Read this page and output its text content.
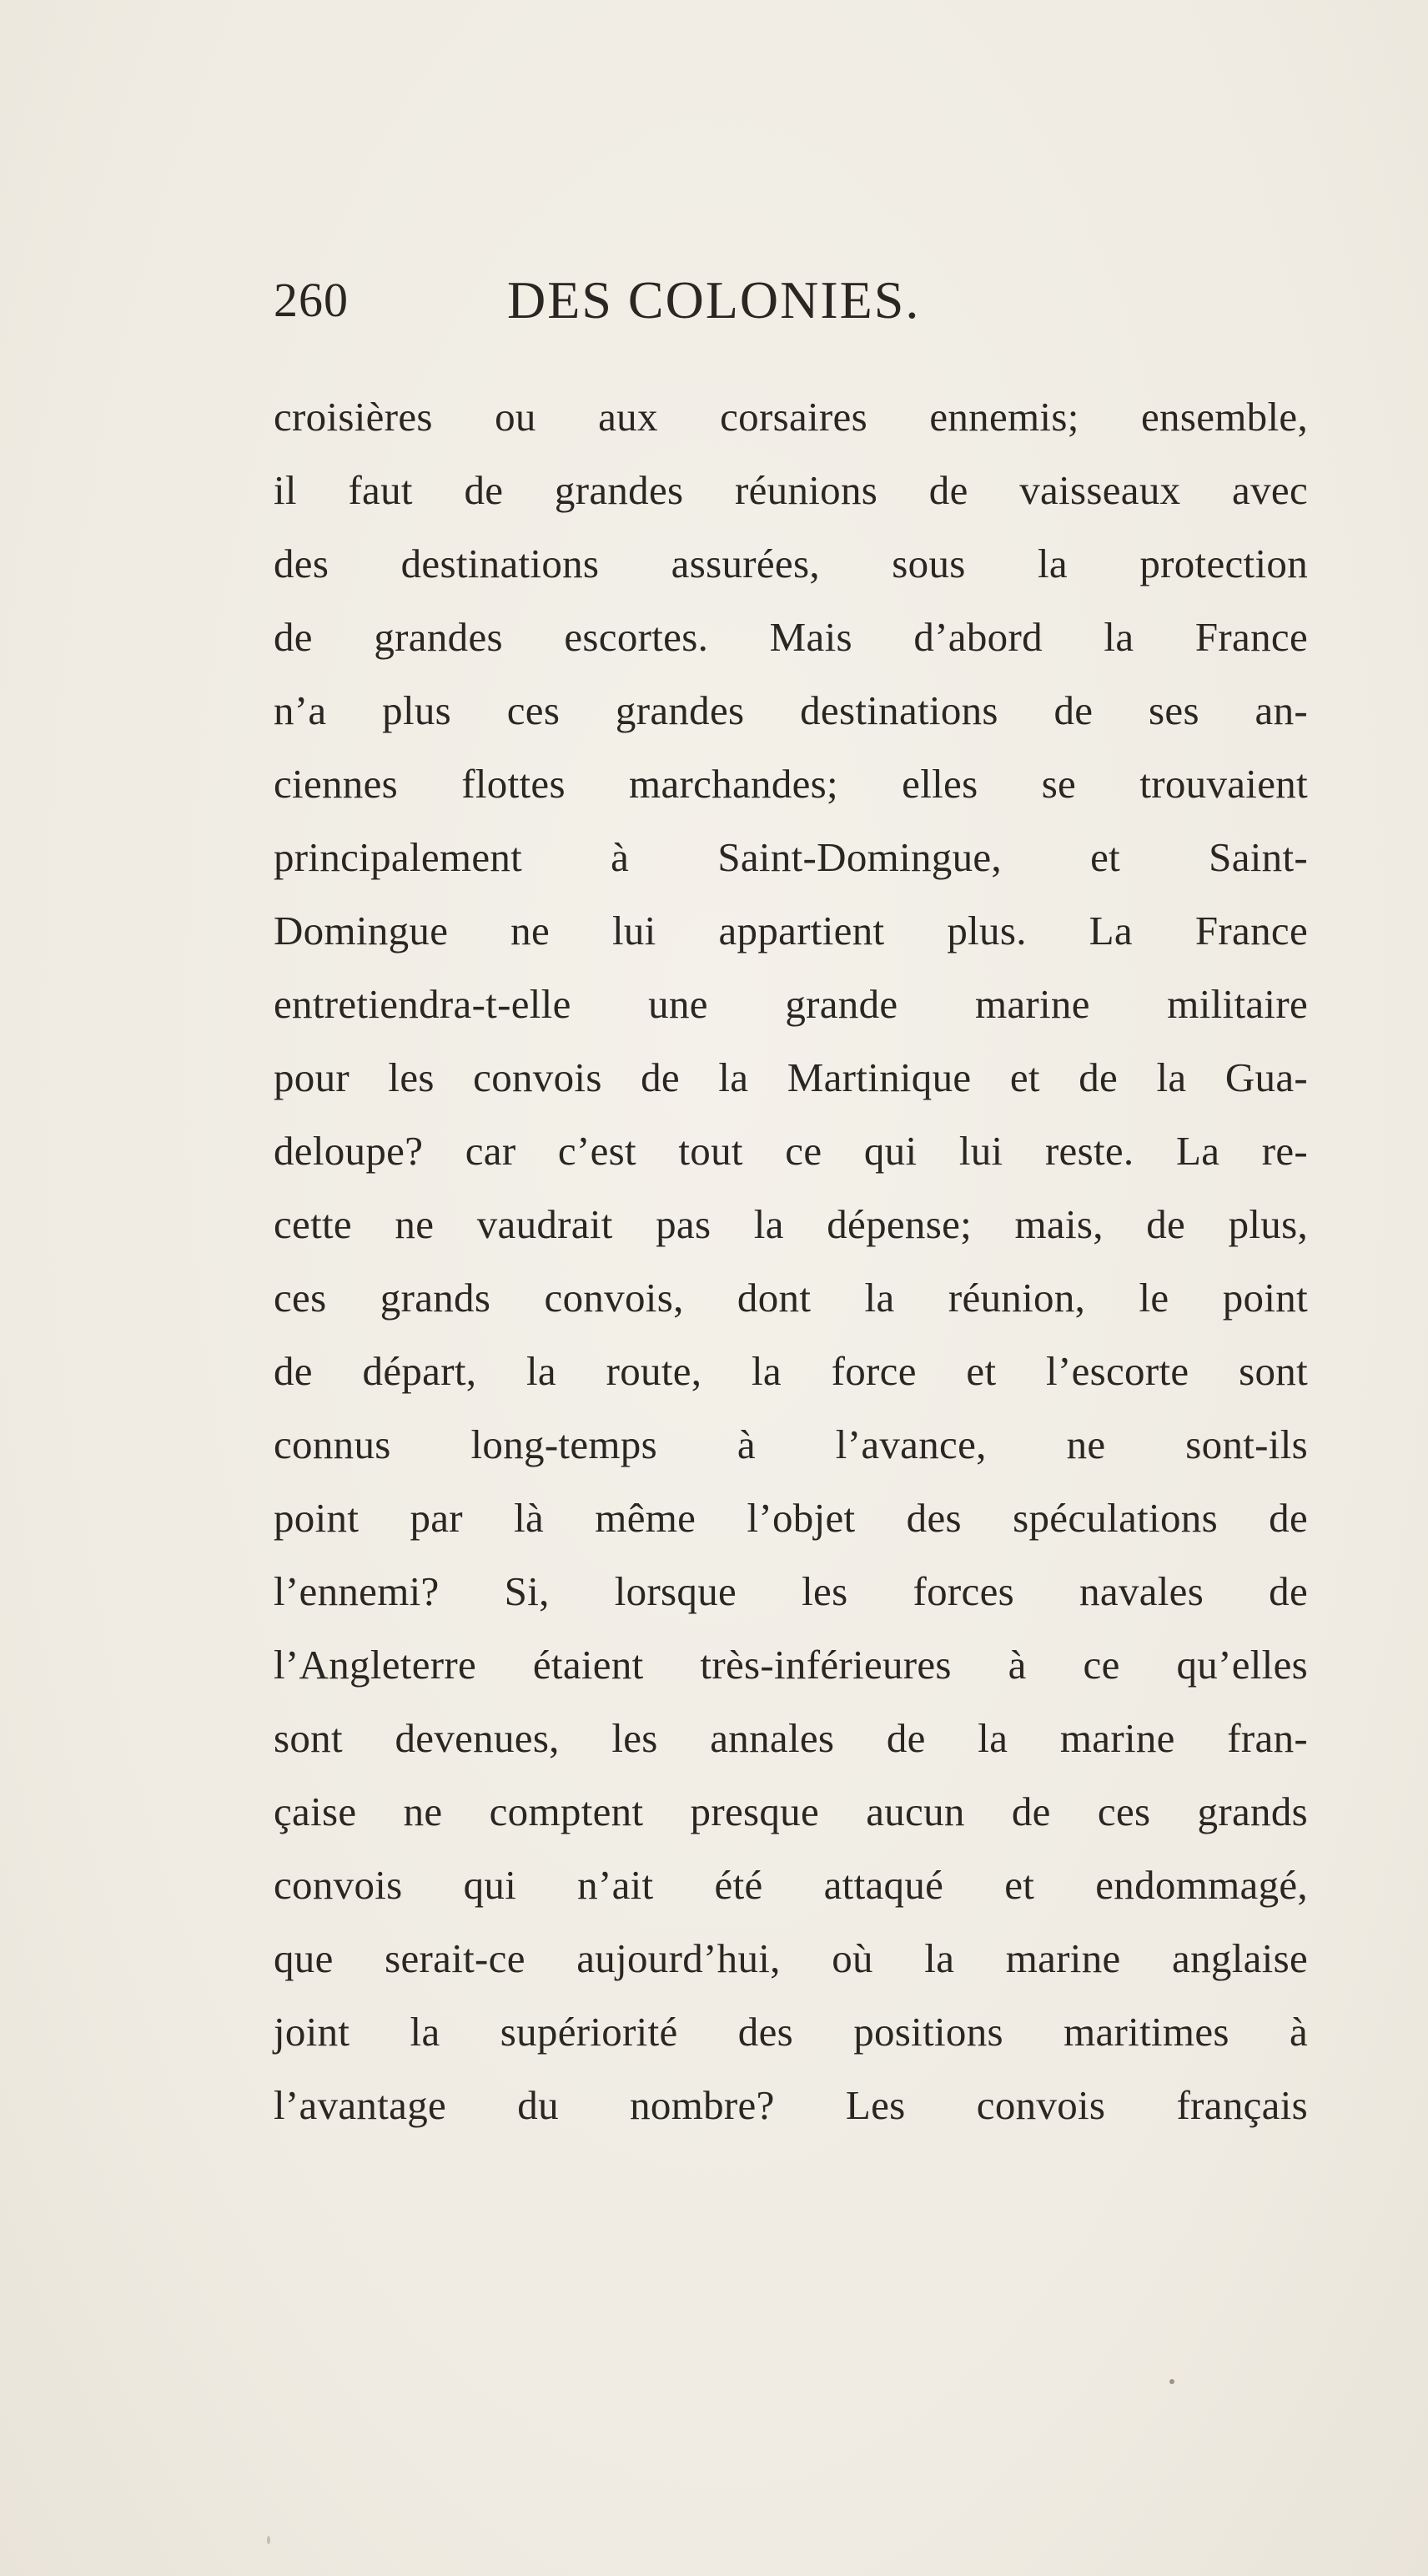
260	DES COLONIES.
croisières ou aux corsaires ennemis; ensemble,
il faut de grandes réunions de vaisseaux avec
des destinations assurées, sous la protection
de grandes escortes. Mais d’abord la France
n’a plus ces grandes destinations de ses an-
ciennes flottes marchandes; elles se trouvaient
principalement à Saint-Domingue, et Saint-
Domingue ne lui appartient plus. La France
entretiendra-t-elle une grande marine militaire
pour les convois de la Martinique et de la Gua-
deloupe? car c’est tout ce qui lui reste. La re-
cette ne vaudrait pas la dépense; mais, de plus,
ces grands convois, dont la réunion, le point
de départ, la route, la force et l’escorte sont
connus long-temps à l’avance, ne sont-ils
point par là même l’objet des spéculations de
l’ennemi? Si, lorsque les forces navales de
l’Angleterre étaient très-inférieures à ce qu’elles
sont devenues, les annales de la marine fran-
çaise ne comptent presque aucun de ces grands
convois qui n’ait été attaqué et endommagé,
que serait-ce aujourd’hui, où la marine anglaise
joint la supériorité des positions maritimes à
l’avantage du nombre? Les convois français
